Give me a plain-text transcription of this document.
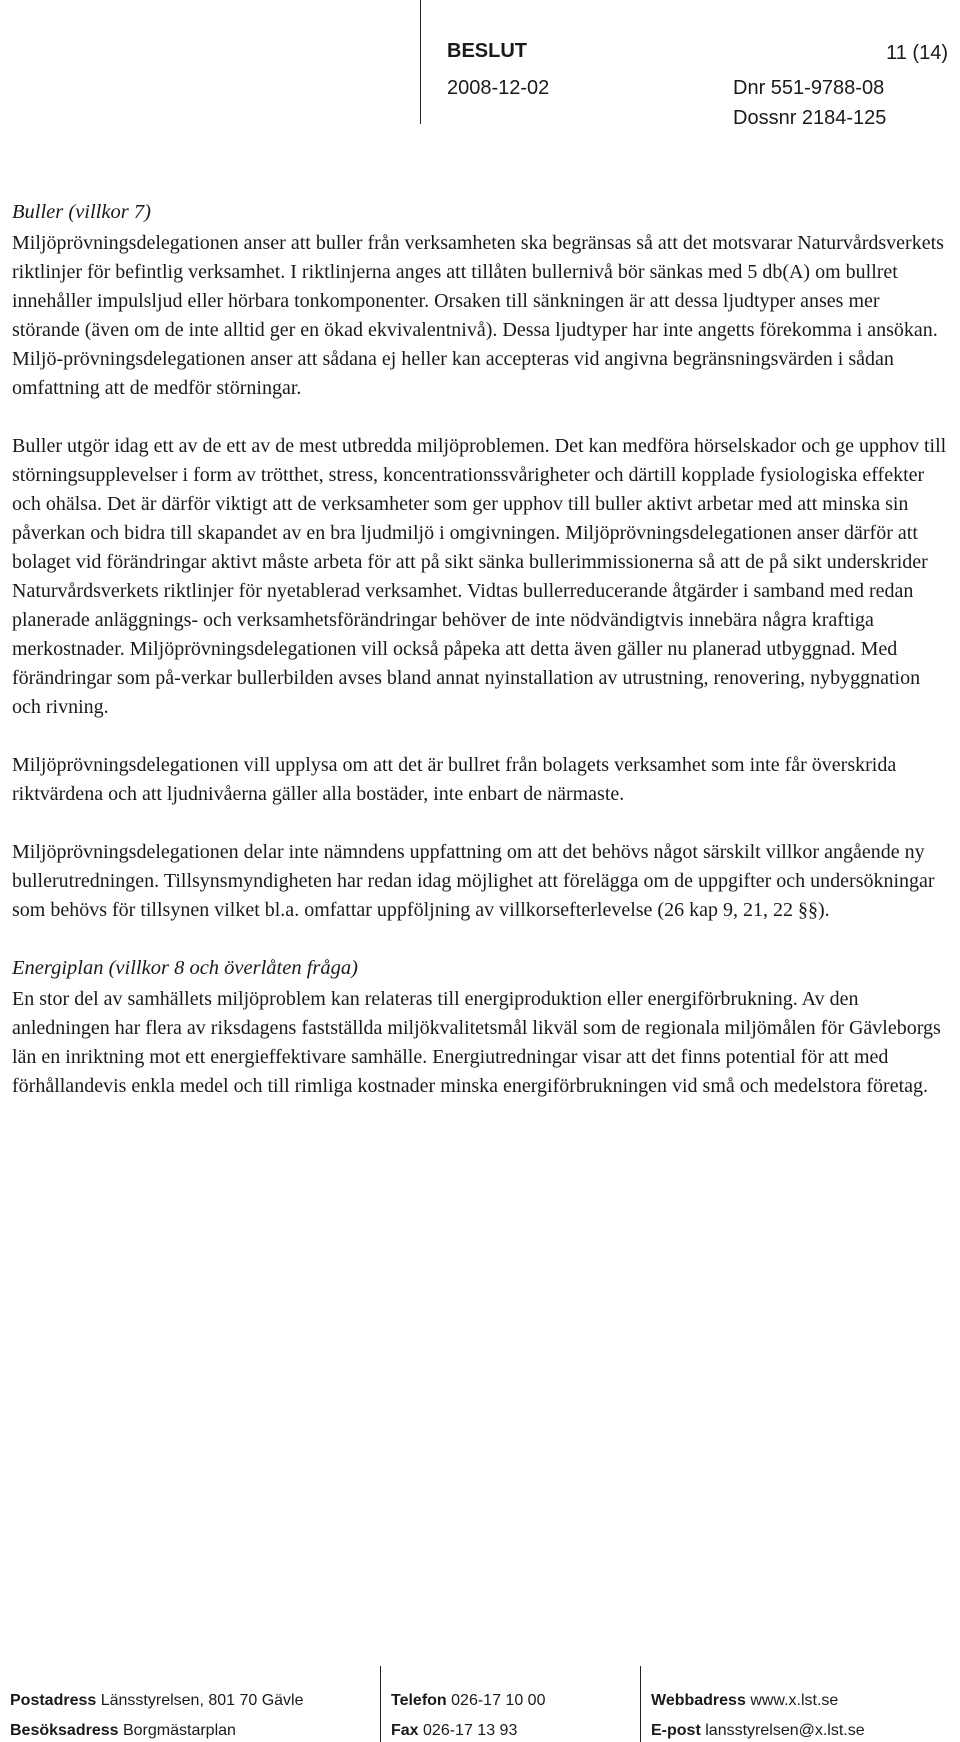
BESLUT	11 (14)
2008-12-02	Dnr 551-9788-08
Dossnr 2184-125
Buller (villkor 7)

Miljöprövningsdelegationen anser att buller från verksamheten ska begränsas så att det motsvarar Naturvårdsverkets riktlinjer för befintlig verksamhet. I riktlinjerna anges att tillåten bullernivå bör sänkas med 5 db(A) om bullret innehåller impulsljud eller hörbara tonkomponenter. Orsaken till sänkningen är att dessa ljudtyper anses mer störande (även om de inte alltid ger en ökad ekvivalentnivå). Dessa ljudtyper har inte angetts förekomma i ansökan. Miljö-prövningsdelegationen anser att sådana ej heller kan accepteras vid angivna begränsningsvärden i sådan omfattning att de medför störningar.

Buller utgör idag ett av de ett av de mest utbredda miljöproblemen. Det kan medföra hörselskador och ge upphov till störningsupplevelser i form av trötthet, stress, koncentrationssvårigheter och därtill kopplade fysiologiska effekter och ohälsa. Det är därför viktigt att de verksamheter som ger upphov till buller aktivt arbetar med att minska sin påverkan och bidra till skapandet av en bra ljudmiljö i omgivningen. Miljöprövningsdelegationen anser därför att bolaget vid förändringar aktivt måste arbeta för att på sikt sänka bullerimmissionerna så att de på sikt underskrider Naturvårdsverkets riktlinjer för nyetablerad verksamhet. Vidtas bullerreducerande åtgärder i samband med redan planerade anläggnings- och verksamhetsförändringar behöver de inte nödvändigtvis innebära några kraftiga merkostnader. Miljöprövningsdelegationen vill också påpeka att detta även gäller nu planerad utbyggnad. Med förändringar som på-verkar bullerbilden avses bland annat nyinstallation av utrustning, renovering, nybyggnation och rivning.

Miljöprövningsdelegationen vill upplysa om att det är bullret från bolagets verksamhet som inte får överskrida riktvärdena och att ljudnivåerna gäller alla bostäder, inte enbart de närmaste.

Miljöprövningsdelegationen delar inte nämndens uppfattning om att det behövs något särskilt villkor angående ny bullerutredningen. Tillsynsmyndigheten har redan idag möjlighet att förelägga om de uppgifter och undersökningar som behövs för tillsynen vilket bl.a. omfattar uppföljning av villkorsefterlevelse (26 kap 9, 21, 22 §§).

Energiplan (villkor 8 och överlåten fråga)

En stor del av samhällets miljöproblem kan relateras till energiproduktion eller energiförbrukning. Av den anledningen har flera av riksdagens fastställda miljökvalitetsmål likväl som de regionala miljömålen för Gävleborgs län en inriktning mot ett energieffektivare samhälle. Energiutredningar visar att det finns potential för att med förhållandevis enkla medel och till rimliga kostnader minska energiförbrukningen vid små och medelstora företag.

Postadress Länsstyrelsen, 801 70 Gävle
Besöksadress Borgmästarplan
Telefon 026-17 10 00
Fax 026-17 13 93
Webbadress www.x.lst.se
E-post lansstyrelsen@x.lst.se
